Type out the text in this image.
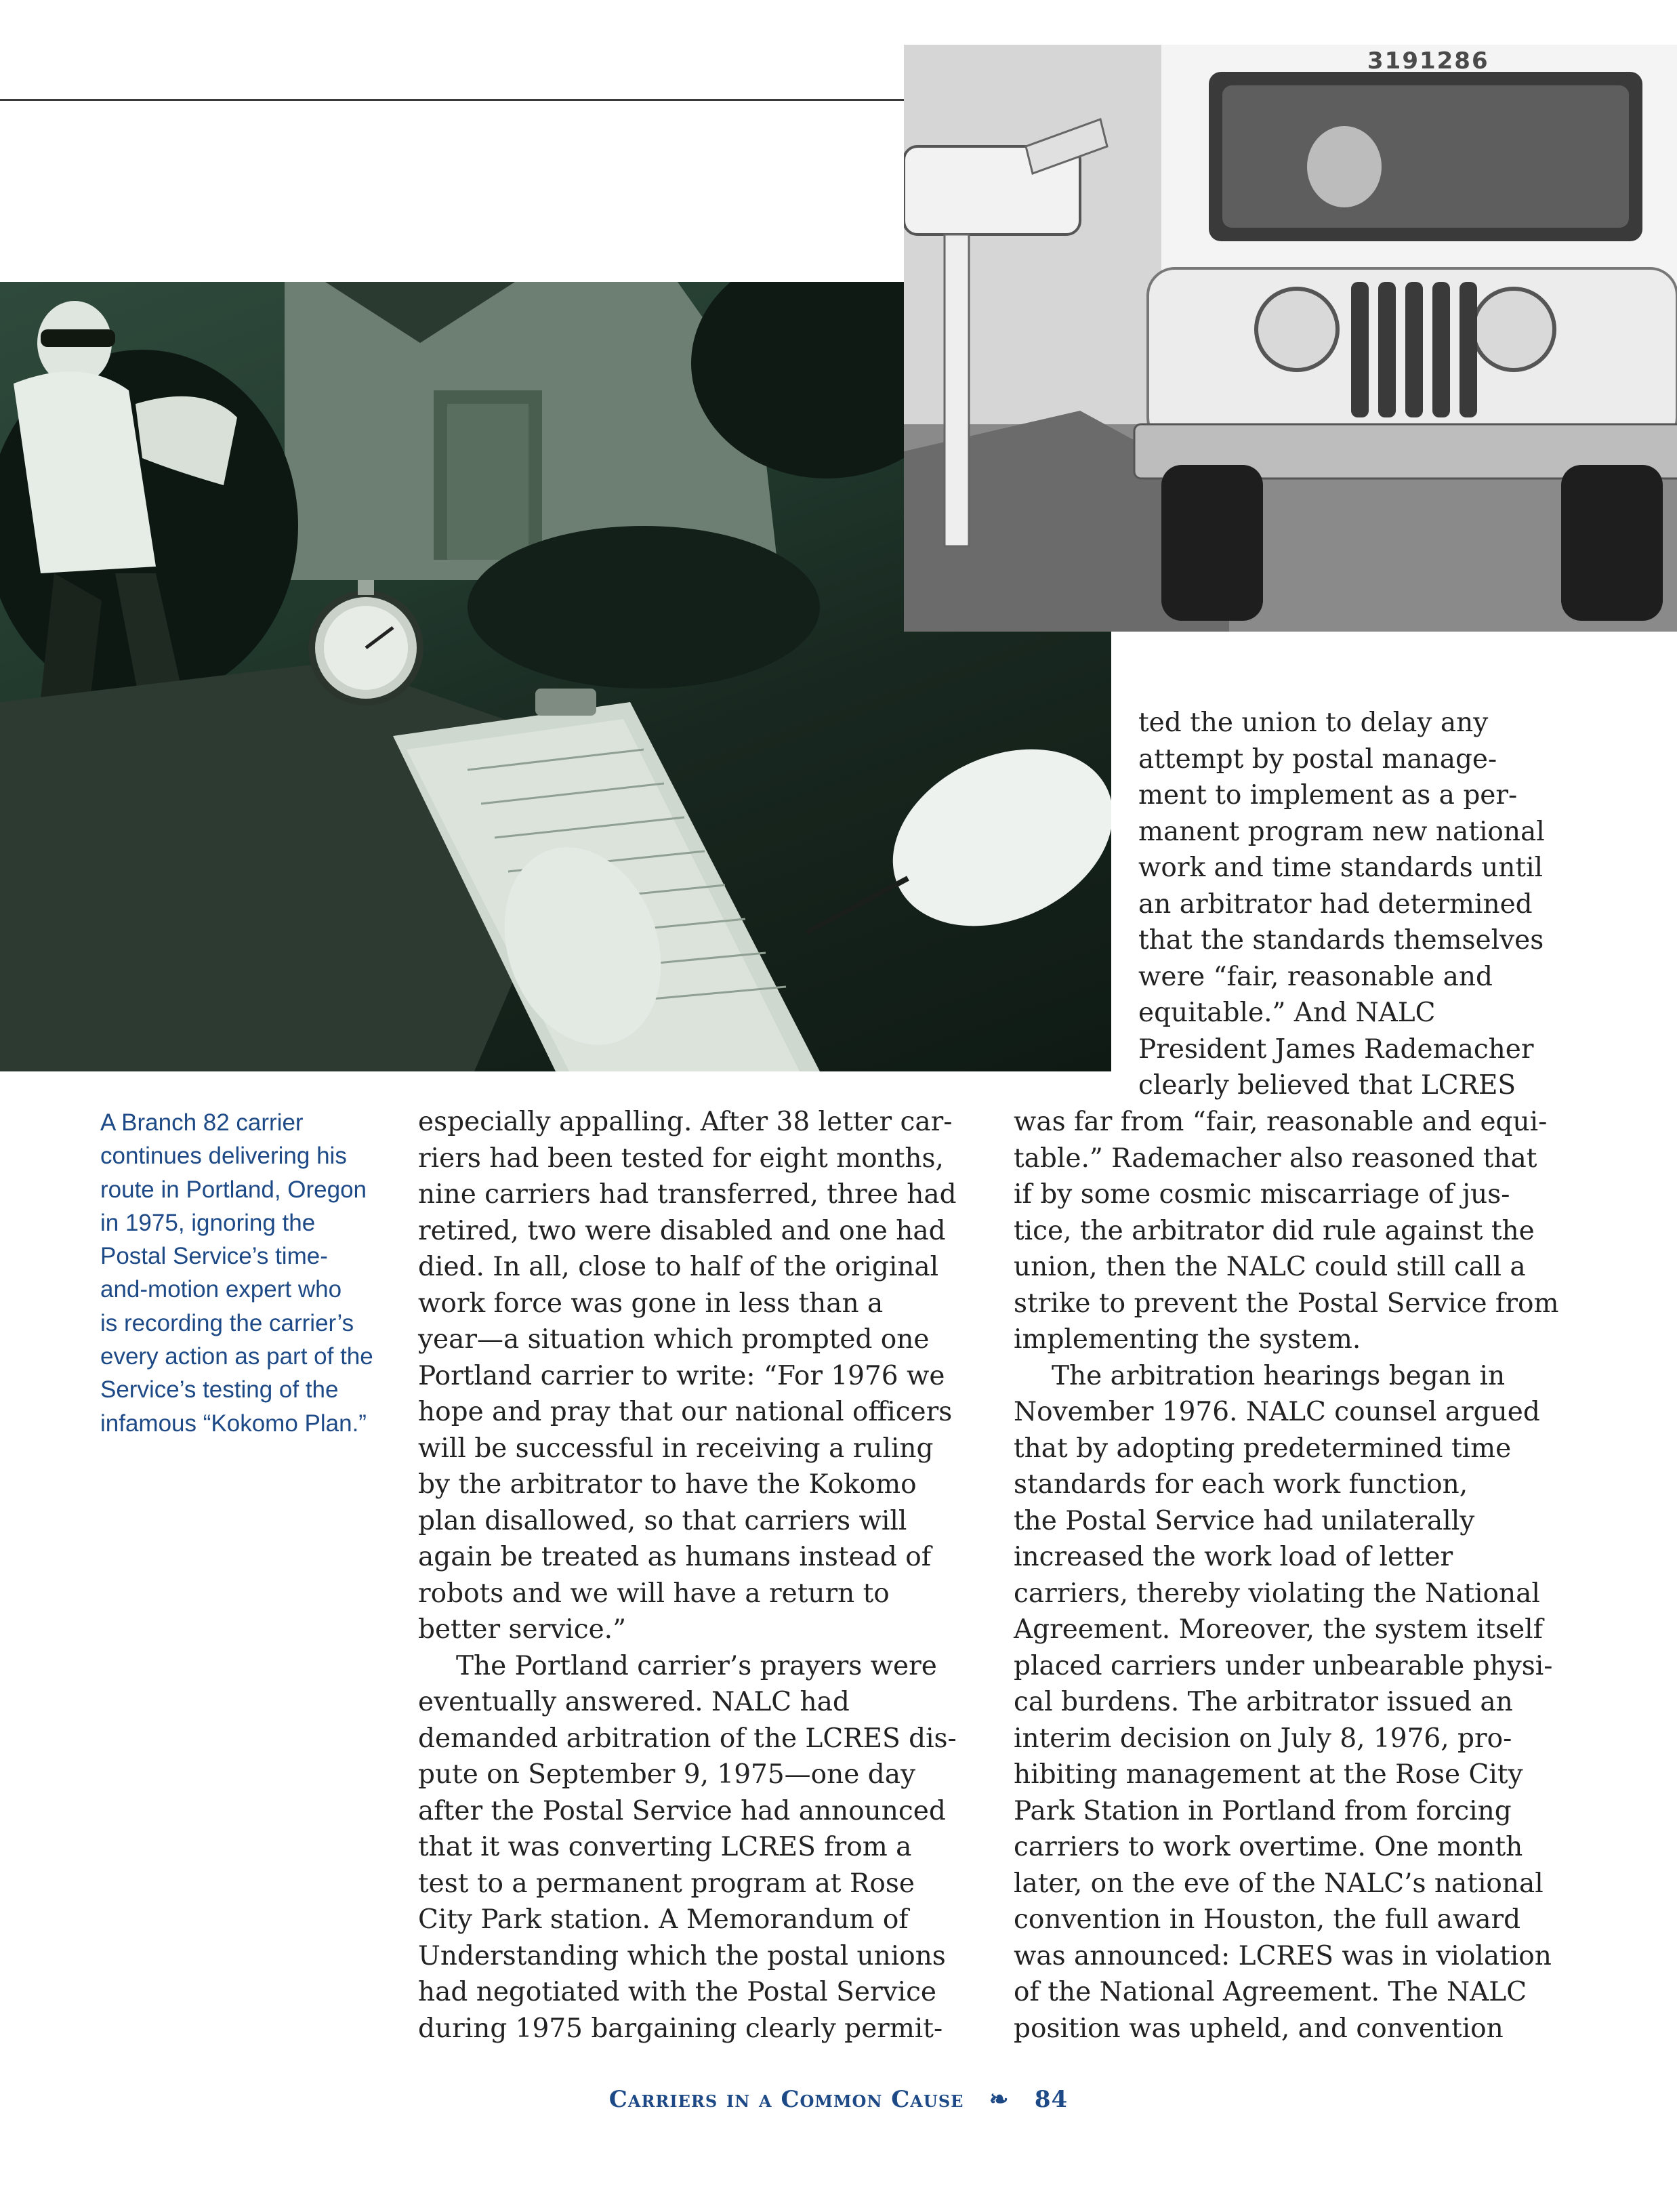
3191286
A Branch 82 carrier
continues delivering his
route in Portland, Oregon
in 1975, ignoring the
Postal Service’s time-
and-motion expert who
is recording the carrier’s
every action as part of the
Service’s testing of the
infamous “Kokomo Plan.”
ted the union to delay any
attempt by postal manage-
ment to implement as a per-
manent program new national
work and time standards until
an arbitrator had determined
that the standards themselves
were “fair, reasonable and
equitable.” And NALC
President James Rademacher
clearly believed that LCRES
especially appalling. After 38 letter car-
riers had been tested for eight months,
nine carriers had transferred, three had
retired, two were disabled and one had
died. In all, close to half of the original
work force was gone in less than a
year—a situation which prompted one
Portland carrier to write: “For 1976 we
hope and pray that our national officers
will be successful in receiving a ruling
by the arbitrator to have the Kokomo
plan disallowed, so that carriers will
again be treated as humans instead of
robots and we will have a return to
better service.”
The Portland carrier’s prayers were
eventually answered. NALC had
demanded arbitration of the LCRES dis-
pute on September 9, 1975—one day
after the Postal Service had announced
that it was converting LCRES from a
test to a permanent program at Rose
City Park station. A Memorandum of
Understanding which the postal unions
had negotiated with the Postal Service
during 1975 bargaining clearly permit-
was far from “fair, reasonable and equi-
table.” Rademacher also reasoned that
if by some cosmic miscarriage of jus-
tice, the arbitrator did rule against the
union, then the NALC could still call a
strike to prevent the Postal Service from
implementing the system.
The arbitration hearings began in
November 1976. NALC counsel argued
that by adopting predetermined time
standards for each work function,
the Postal Service had unilaterally
increased the work load of letter
carriers, thereby violating the National
Agreement. Moreover, the system itself
placed carriers under unbearable physi-
cal burdens. The arbitrator issued an
interim decision on July 8, 1976, pro-
hibiting management at the Rose City
Park Station in Portland from forcing
carriers to work overtime. One month
later, on the eve of the NALC’s national
convention in Houston, the full award
was announced: LCRES was in violation
of the National Agreement. The NALC
position was upheld, and convention
Carriers in a Common Cause ❧ 84
